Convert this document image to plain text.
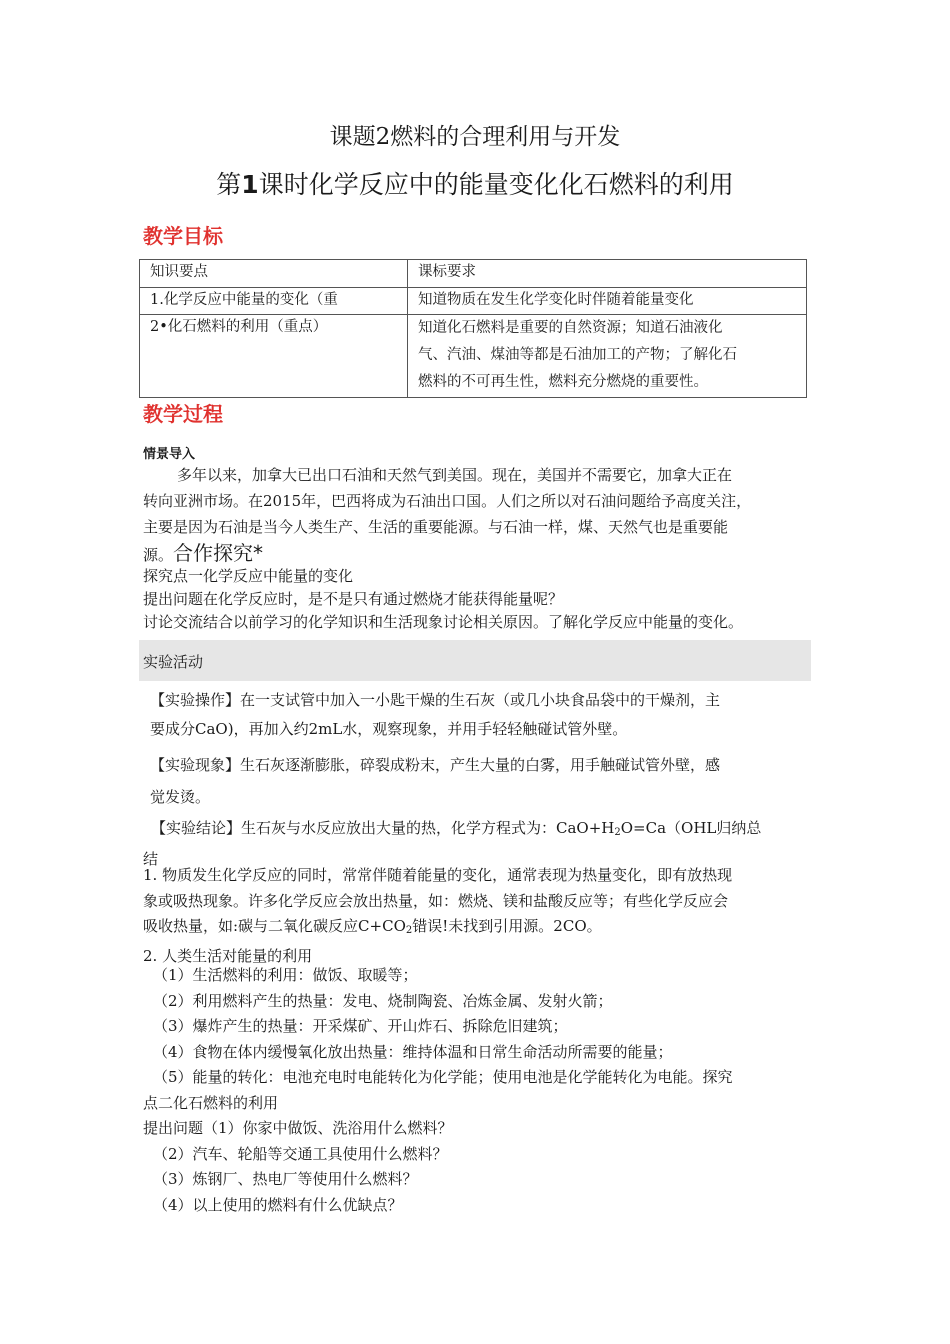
课题2燃料的合理利用与开发
第1课时化学反应中的能量变化化石燃料的利用
教学目标
知识要点	课标要求
1.化学反应中能量的变化（重	知道物质在发生化学变化时伴随着能量变化
2•化石燃料的利用（重点）	知道化石燃料是重要的自然资源；知道石油液化
气、汽油、煤油等都是石油加工的产物；了解化石
燃料的不可再生性，燃料充分燃烧的重要性。
教学过程
情景导入
多年以来，加拿大已出口石油和天然气到美国。现在，美国并不需要它，加拿大正在
转向亚洲市场。在2015年，巴西将成为石油出口国。人们之所以对石油问题给予高度关注，
主要是因为石油是当今人类生产、生活的重要能源。与石油一样，煤、天然气也是重要能
源。合作探究*
探究点一化学反应中能量的变化
提出问题在化学反应时，是不是只有通过燃烧才能获得能量呢？
讨论交流结合以前学习的化学知识和生活现象讨论相关原因。了解化学反应中能量的变化。
实验活动
【实验操作】在一支试管中加入一小匙干燥的生石灰（或几小块食品袋中的干燥剂，主
要成分CaO)，再加入约2mL水，观察现象，并用手轻轻触碰试管外壁。
【实验现象】生石灰逐渐膨胀，碎裂成粉末，产生大量的白雾，用手触碰试管外壁，感
觉发烫。
【实验结论】生石灰与水反应放出大量的热，化学方程式为：$CaO+H_2O=Ca(OHL$归纳总
结
1. 物质发生化学反应的同时，常常伴随着能量的变化，通常表现为热量变化，即有放热现
象或吸热现象。许多化学反应会放出热量，如：燃烧、镁和盐酸反应等；有些化学反应会
吸收热量，如:碳与二氧化碳反应$C+CO_2$错误!未找到引用源。2CO。
2. 人类生活对能量的利用
（1）生活燃料的利用：做饭、取暖等；
（2）利用燃料产生的热量：发电、烧制陶瓷、冶炼金属、发射火箭；
（3）爆炸产生的热量：开采煤矿、开山炸石、拆除危旧建筑；
（4）食物在体内缓慢氧化放出热量：维持体温和日常生命活动所需要的能量；
（5）能量的转化：电池充电时电能转化为化学能；使用电池是化学能转化为电能。探究
点二化石燃料的利用
提出问题（1）你家中做饭、洗浴用什么燃料？
（2）汽车、轮船等交通工具使用什么燃料？
（3）炼钢厂、热电厂等使用什么燃料？
（4）以上使用的燃料有什么优缺点？
